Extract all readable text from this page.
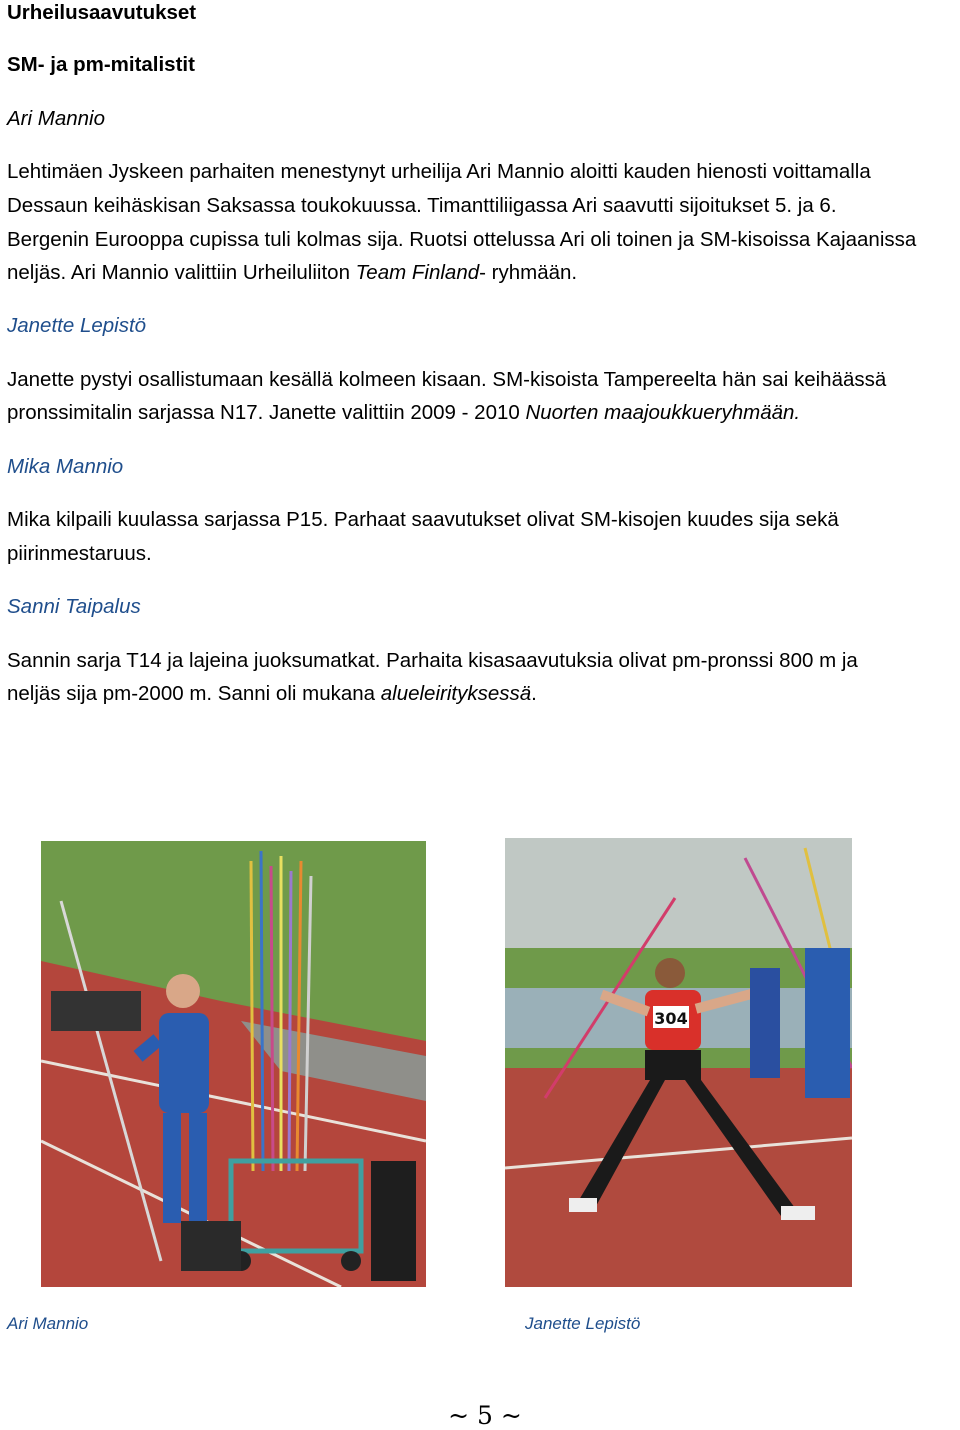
Urheilusaavutukset
SM- ja pm-mitalistit
Ari Mannio
Lehtimäen Jyskeen parhaiten menestynyt urheilija Ari Mannio aloitti kauden hienosti voittamalla
Dessaun keihäskisan Saksassa toukokuussa. Timanttiliigassa Ari saavutti sijoitukset 5. ja 6.
Bergenin Eurooppa cupissa tuli kolmas sija. Ruotsi ottelussa Ari oli toinen ja SM-kisoissa Kajaanissa
neljäs. Ari Mannio valittiin Urheiluliiton Team Finland- ryhmään.
Janette Lepistö
Janette pystyi osallistumaan kesällä kolmeen kisaan. SM-kisoista Tampereelta hän sai keihäässä
pronssimitalin sarjassa N17. Janette valittiin 2009 - 2010 Nuorten maajoukkueryhmään.
Mika Mannio
Mika kilpaili kuulassa sarjassa P15. Parhaat saavutukset olivat SM-kisojen kuudes sija sekä
piirinmestaruus.
Sanni Taipalus
Sannin sarja T14 ja lajeina juoksumatkat. Parhaita kisasaavutuksia olivat pm-pronssi 800 m ja
neljäs sija pm-2000 m. Sanni oli mukana alueleirityksessä.
Ari Mannio
304
Janette Lepistö
~ 5 ~
